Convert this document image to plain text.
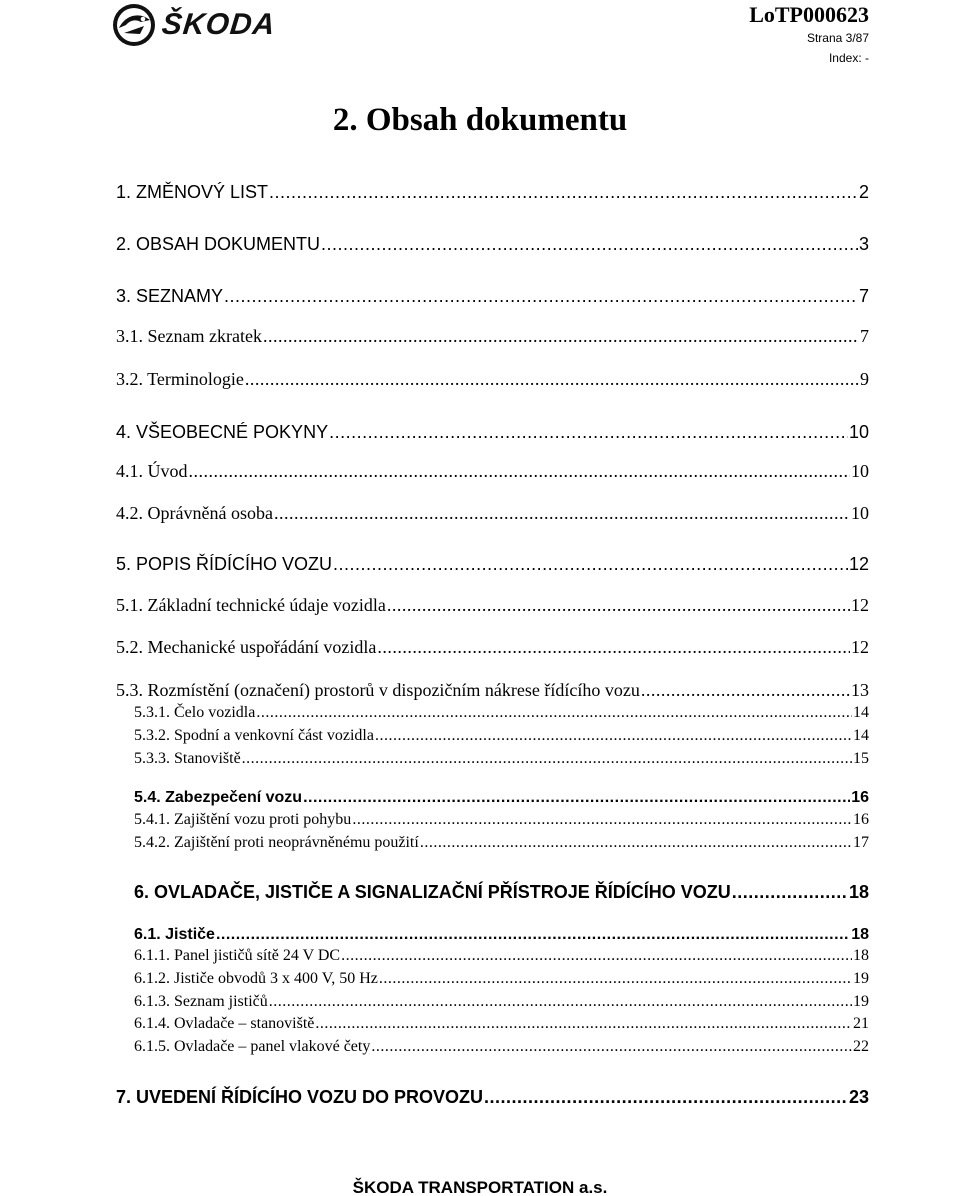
ŠKODA	LoTP000623
Strana 3/87
Index: -
2. Obsah dokumentu
1. ZMĚNOVÝ LIST .....	2
2. OBSAH DOKUMENTU .....	3
3. SEZNAMY .....	7
3.1. Seznam zkratek .....	7
3.2. Terminologie .....	9
4. VŠEOBECNÉ POKYNY .....	10
4.1. Úvod .....	10
4.2. Oprávněná osoba .....	10
5. POPIS ŘÍDÍCÍHO VOZU .....	12
5.1. Základní technické údaje vozidla .....	12
5.2. Mechanické uspořádání vozidla .....	12
5.3. Rozmístění (označení) prostorů v dispozičním nákrese řídícího vozu .....	13
5.3.1. Čelo vozidla .....	14
5.3.2. Spodní a venkovní část vozidla .....	14
5.3.3. Stanoviště .....	15
5.4. Zabezpečení vozu .....	16
5.4.1. Zajištění vozu proti pohybu .....	16
5.4.2. Zajištění proti neoprávněnému použití .....	17
6. OVLADAČE, JISTIČE A SIGNALIZAČNÍ PŘÍSTROJE ŘÍDÍCÍHO VOZU .....	18
6.1. Jističe .....	18
6.1.1. Panel jističů sítě 24 V DC .....	18
6.1.2. Jističe obvodů 3 x 400 V, 50 Hz .....	19
6.1.3. Seznam jističů .....	19
6.1.4. Ovladače – stanoviště .....	21
6.1.5. Ovladače – panel vlakové čety .....	22
7. UVEDENÍ ŘÍDÍCÍHO VOZU DO PROVOZU .....	23
ŠKODA TRANSPORTATION a.s.
